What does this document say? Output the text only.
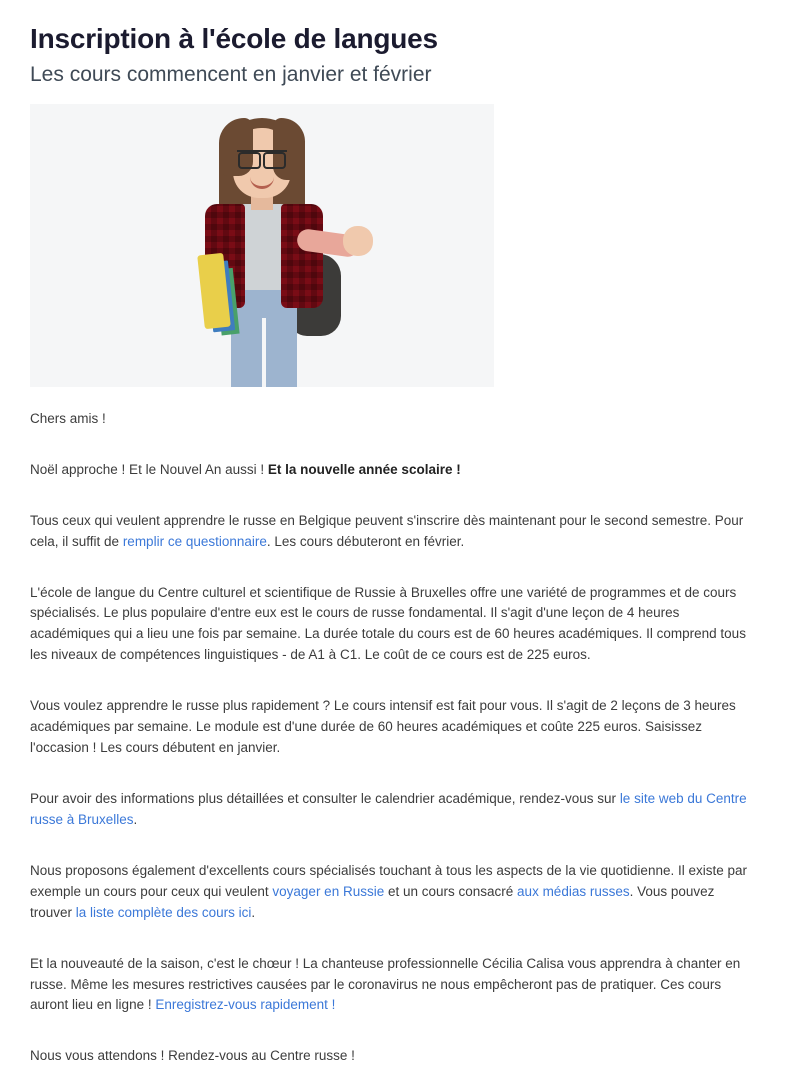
Inscription à l'école de langues
Les cours commencent en janvier et février

Chers amis !

Noël approche ! Et le Nouvel An aussi ! Et la nouvelle année scolaire !

Tous ceux qui veulent apprendre le russe en Belgique peuvent s'inscrire dès maintenant pour le second semestre. Pour cela, il suffit de remplir ce questionnaire. Les cours débuteront en février.

L'école de langue du Centre culturel et scientifique de Russie à Bruxelles offre une variété de programmes et de cours spécialisés. Le plus populaire d'entre eux est le cours de russe fondamental. Il s'agit d'une leçon de 4 heures académiques qui a lieu une fois par semaine. La durée totale du cours est de 60 heures académiques. Il comprend tous les niveaux de compétences linguistiques - de A1 à C1. Le coût de ce cours est de 225 euros.

Vous voulez apprendre le russe plus rapidement ? Le cours intensif est fait pour vous. Il s'agit de 2 leçons de 3 heures académiques par semaine. Le module est d'une durée de 60 heures académiques et coûte 225 euros. Saisissez l'occasion ! Les cours débutent en janvier.

Pour avoir des informations plus détaillées et consulter le calendrier académique, rendez-vous sur le site web du Centre russe à Bruxelles.

Nous proposons également d'excellents cours spécialisés touchant à tous les aspects de la vie quotidienne. Il existe par exemple un cours pour ceux qui veulent voyager en Russie et un cours consacré aux médias russes. Vous pouvez trouver la liste complète des cours ici.

Et la nouveauté de la saison, c'est le chœur ! La chanteuse professionnelle Cécilia Calisa vous apprendra à chanter en russe. Même les mesures restrictives causées par le coronavirus ne nous empêcheront pas de pratiquer. Ces cours auront lieu en ligne ! Enregistrez-vous rapidement !

Nous vous attendons ! Rendez-vous au Centre russe !
